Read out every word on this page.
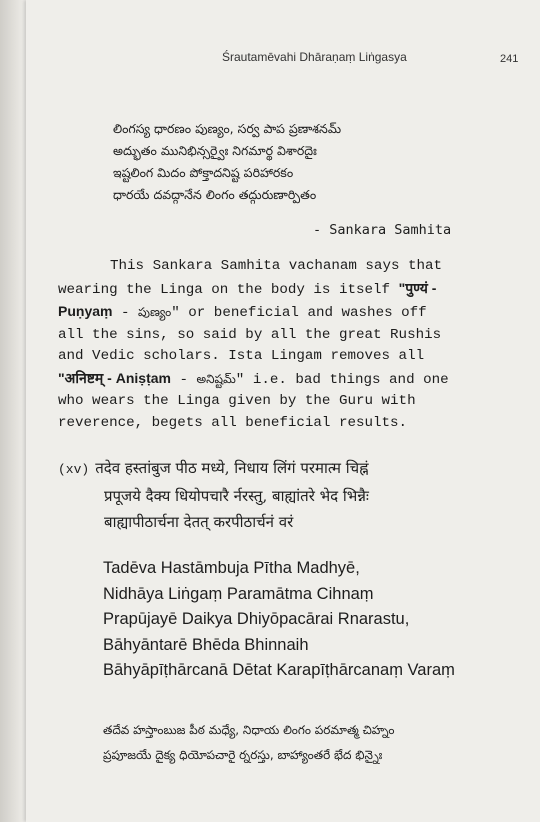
Śrautamēvahi Dhāraṇaṃ Liṅgasya	241
లింగస్య ధారణం పుణ్యం, సర్వ పాప ప్రణాశనమ్
అద్భుతం మునిభిన్సర్వైః నిగమార్థ విశారదైః
ఇష్టలింగ మిదం పోక్తాదనిష్ట పరిహారకం
ధారయే దవద్గానేన లింగం తద్గురుణార్పితం
- Sankara Samhita
This Sankara Samhita vachanam says that
wearing the Linga on the body is itself "पुण्यं -
Puṇyaṃ - పుణ్యం" or beneficial and washes off
all the sins, so said by all the great Rushis
and Vedic scholars. Ista Lingam removes all
"अनिष्टम् - Aniṣṭam - అనిష్టమ్" i.e. bad things and one
who wears the Linga given by the Guru with
reverence, begets all beneficial results.
(xv) तदेव हस्तांबुज पीठ मध्ये, निधाय लिंगं परमात्म चिह्नं
प्रपूजये दैक्य धियोपचारै र्नरस्तु, बाह्यांतरे भेद भिन्नैः
बाह्यापीठार्चना देतत् करपीठार्चनं वरं
Tadēva Hastāmbuja Pītha Madhyē,
Nidhāya Liṅgaṃ Paramātma Cihnaṃ
Prapūjayē Daikya Dhiyōpacārai Rnarastu,
Bāhyāntarē Bhēda Bhinnaih
Bāhyāpīṭhārcanā Dētat Karapīṭhārcanaṃ Varaṃ
తదేవ హస్తాంబుజ పీఠ మధ్యే, నిధాయ లింగం పరమాత్మ చిహ్నం
ప్రపూజయే దైక్య ధియోపచారై ర్నరస్తు, బాహ్యాంతరే భేద భిన్నైః
